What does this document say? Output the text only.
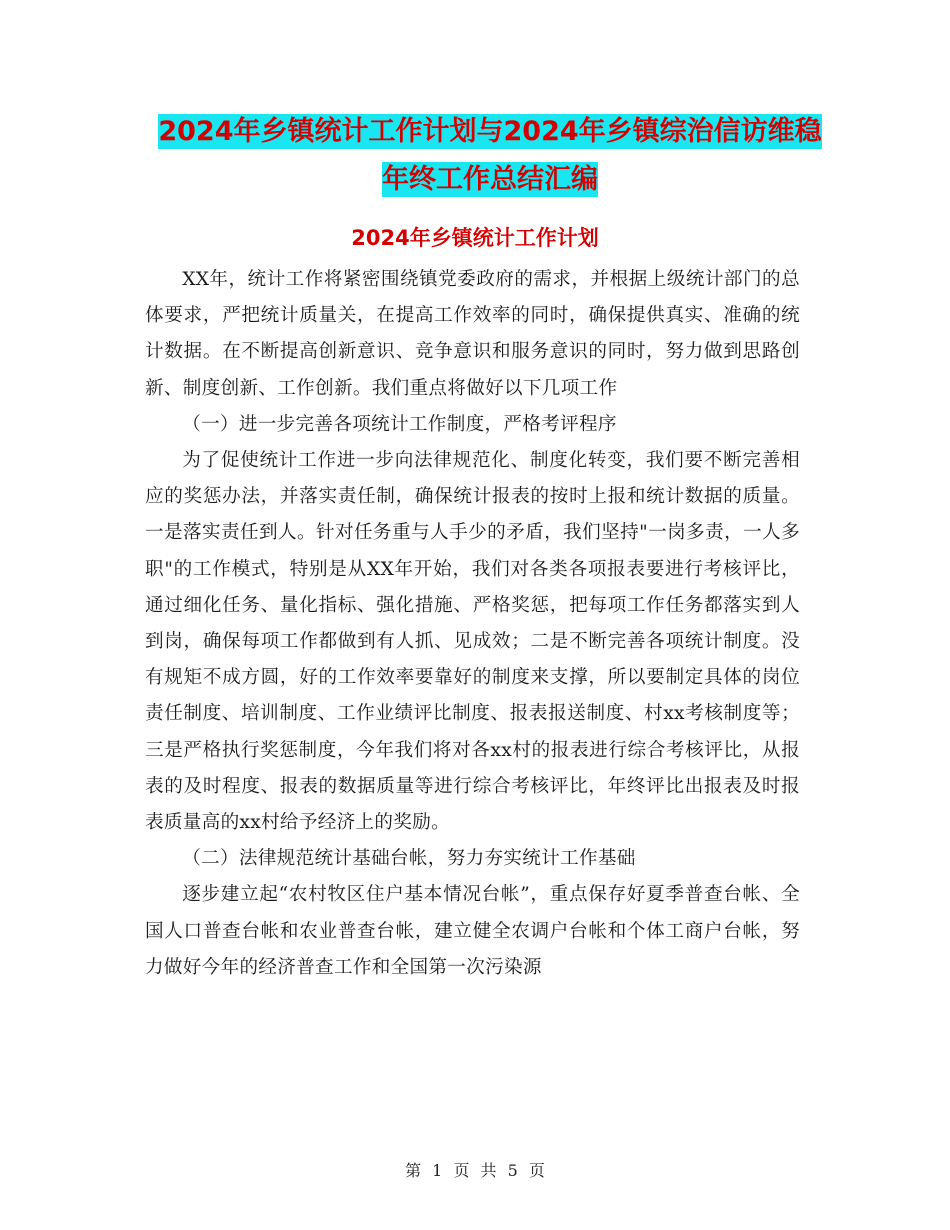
2024年乡镇统计工作计划与2024年乡镇综治信访维稳
年终工作总结汇编
2024年乡镇统计工作计划

XX年，统计工作将紧密围绕镇党委政府的需求，并根据上级统计部门的总体要求，严把统计质量关，在提高工作效率的同时，确保提供真实、准确的统计数据。在不断提高创新意识、竞争意识和服务意识的同时，努力做到思路创新、制度创新、工作创新。我们重点将做好以下几项工作

（一）进一步完善各项统计工作制度，严格考评程序

为了促使统计工作进一步向法律规范化、制度化转变，我们要不断完善相应的奖惩办法，并落实责任制，确保统计报表的按时上报和统计数据的质量。一是落实责任到人。针对任务重与人手少的矛盾，我们坚持"一岗多责，一人多职"的工作模式，特别是从XX年开始，我们对各类各项报表要进行考核评比，通过细化任务、量化指标、强化措施、严格奖惩，把每项工作任务都落实到人到岗，确保每项工作都做到有人抓、见成效；二是不断完善各项统计制度。没有规矩不成方圆，好的工作效率要靠好的制度来支撑，所以要制定具体的岗位责任制度、培训制度、工作业绩评比制度、报表报送制度、村xx考核制度等；三是严格执行奖惩制度，今年我们将对各xx村的报表进行综合考核评比，从报表的及时程度、报表的数据质量等进行综合考核评比，年终评比出报表及时报表质量高的xx村给予经济上的奖励。

（二）法律规范统计基础台帐，努力夯实统计工作基础

逐步建立起“农村牧区住户基本情况台帐”，重点保存好夏季普查台帐、全国人口普查台帐和农业普查台帐，建立健全农调户台帐和个体工商户台帐，努力做好今年的经济普查工作和全国第一次污染源

第 1 页 共 5 页
